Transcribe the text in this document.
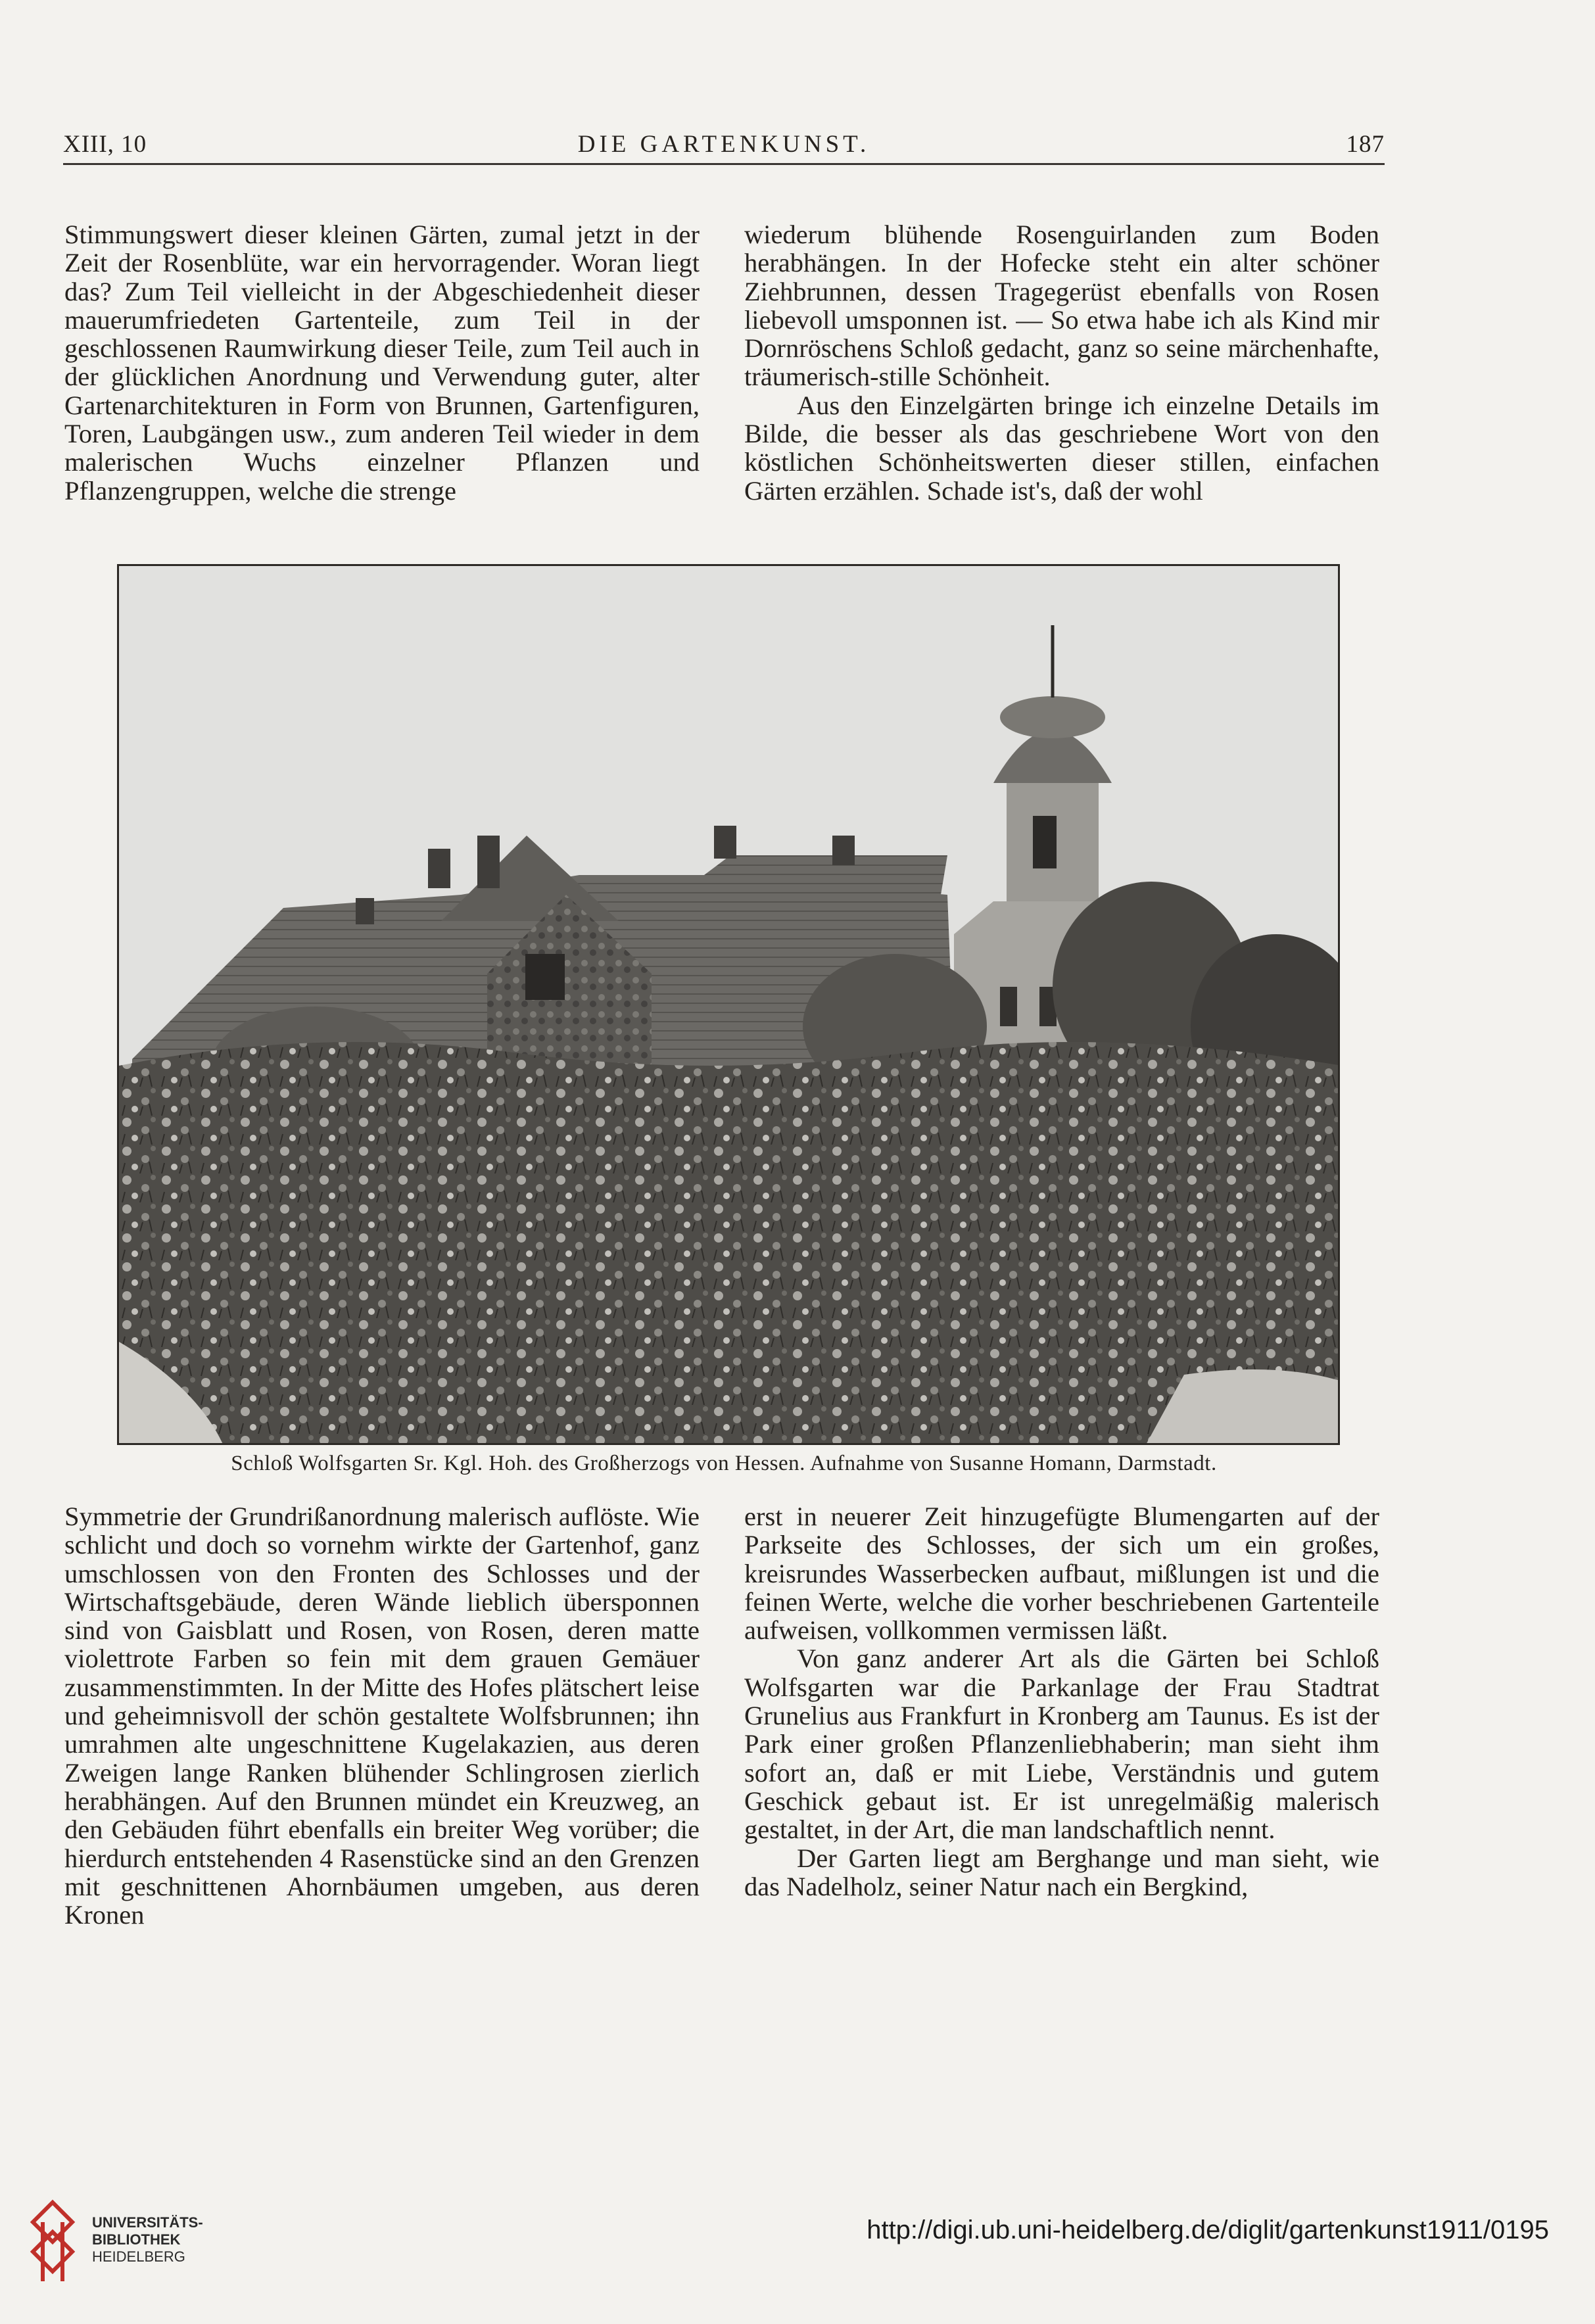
XIII, 10	DIE GARTENKUNST.	187

Stimmungswert dieser kleinen Gärten, zumal jetzt in der Zeit der Rosenblüte, war ein hervorragender. Woran liegt das? Zum Teil vielleicht in der Abgeschiedenheit dieser mauerumfriedeten Gartenteile, zum Teil in der geschlossenen Raumwirkung dieser Teile, zum Teil auch in der glücklichen Anordnung und Verwendung guter, alter Gartenarchitekturen in Form von Brunnen, Gartenfiguren, Toren, Laubgängen usw., zum anderen Teil wieder in dem malerischen Wuchs einzelner Pflanzen und Pflanzengruppen, welche die strenge

wiederum blühende Rosenguirlanden zum Boden herabhängen. In der Hofecke steht ein alter schöner Ziehbrunnen, dessen Tragegerüst ebenfalls von Rosen liebevoll umsponnen ist. — So etwa habe ich als Kind mir Dornröschens Schloß gedacht, ganz so seine märchenhafte, träumerisch-stille Schönheit.

Aus den Einzelgärten bringe ich einzelne Details im Bilde, die besser als das geschriebene Wort von den köstlichen Schönheitswerten dieser stillen, einfachen Gärten erzählen. Schade ist's, daß der wohl

Schloß Wolfsgarten Sr. Kgl. Hoh. des Großherzogs von Hessen. Aufnahme von Susanne Homann, Darmstadt.

Symmetrie der Grundrißanordnung malerisch auflöste. Wie schlicht und doch so vornehm wirkte der Gartenhof, ganz umschlossen von den Fronten des Schlosses und der Wirtschaftsgebäude, deren Wände lieblich übersponnen sind von Gaisblatt und Rosen, von Rosen, deren matte violettrote Farben so fein mit dem grauen Gemäuer zusammenstimmten. In der Mitte des Hofes plätschert leise und geheimnisvoll der schön gestaltete Wolfsbrunnen; ihn umrahmen alte ungeschnittene Kugelakazien, aus deren Zweigen lange Ranken blühender Schlingrosen zierlich herabhängen. Auf den Brunnen mündet ein Kreuzweg, an den Gebäuden führt ebenfalls ein breiter Weg vorüber; die hierdurch entstehenden 4 Rasenstücke sind an den Grenzen mit geschnittenen Ahornbäumen umgeben, aus deren Kronen

erst in neuerer Zeit hinzugefügte Blumengarten auf der Parkseite des Schlosses, der sich um ein großes, kreisrundes Wasserbecken aufbaut, mißlungen ist und die feinen Werte, welche die vorher beschriebenen Gartenteile aufweisen, vollkommen vermissen läßt.

Von ganz anderer Art als die Gärten bei Schloß Wolfsgarten war die Parkanlage der Frau Stadtrat Grunelius aus Frankfurt in Kronberg am Taunus. Es ist der Park einer großen Pflanzenliebhaberin; man sieht ihm sofort an, daß er mit Liebe, Verständnis und gutem Geschick gebaut ist. Er ist unregelmäßig malerisch gestaltet, in der Art, die man landschaftlich nennt.

Der Garten liegt am Berghange und man sieht, wie das Nadelholz, seiner Natur nach ein Bergkind,

UNIVERSITÄTS-
BIBLIOTHEK
HEIDELBERG
http://digi.ub.uni-heidelberg.de/diglit/gartenkunst1911/0195
